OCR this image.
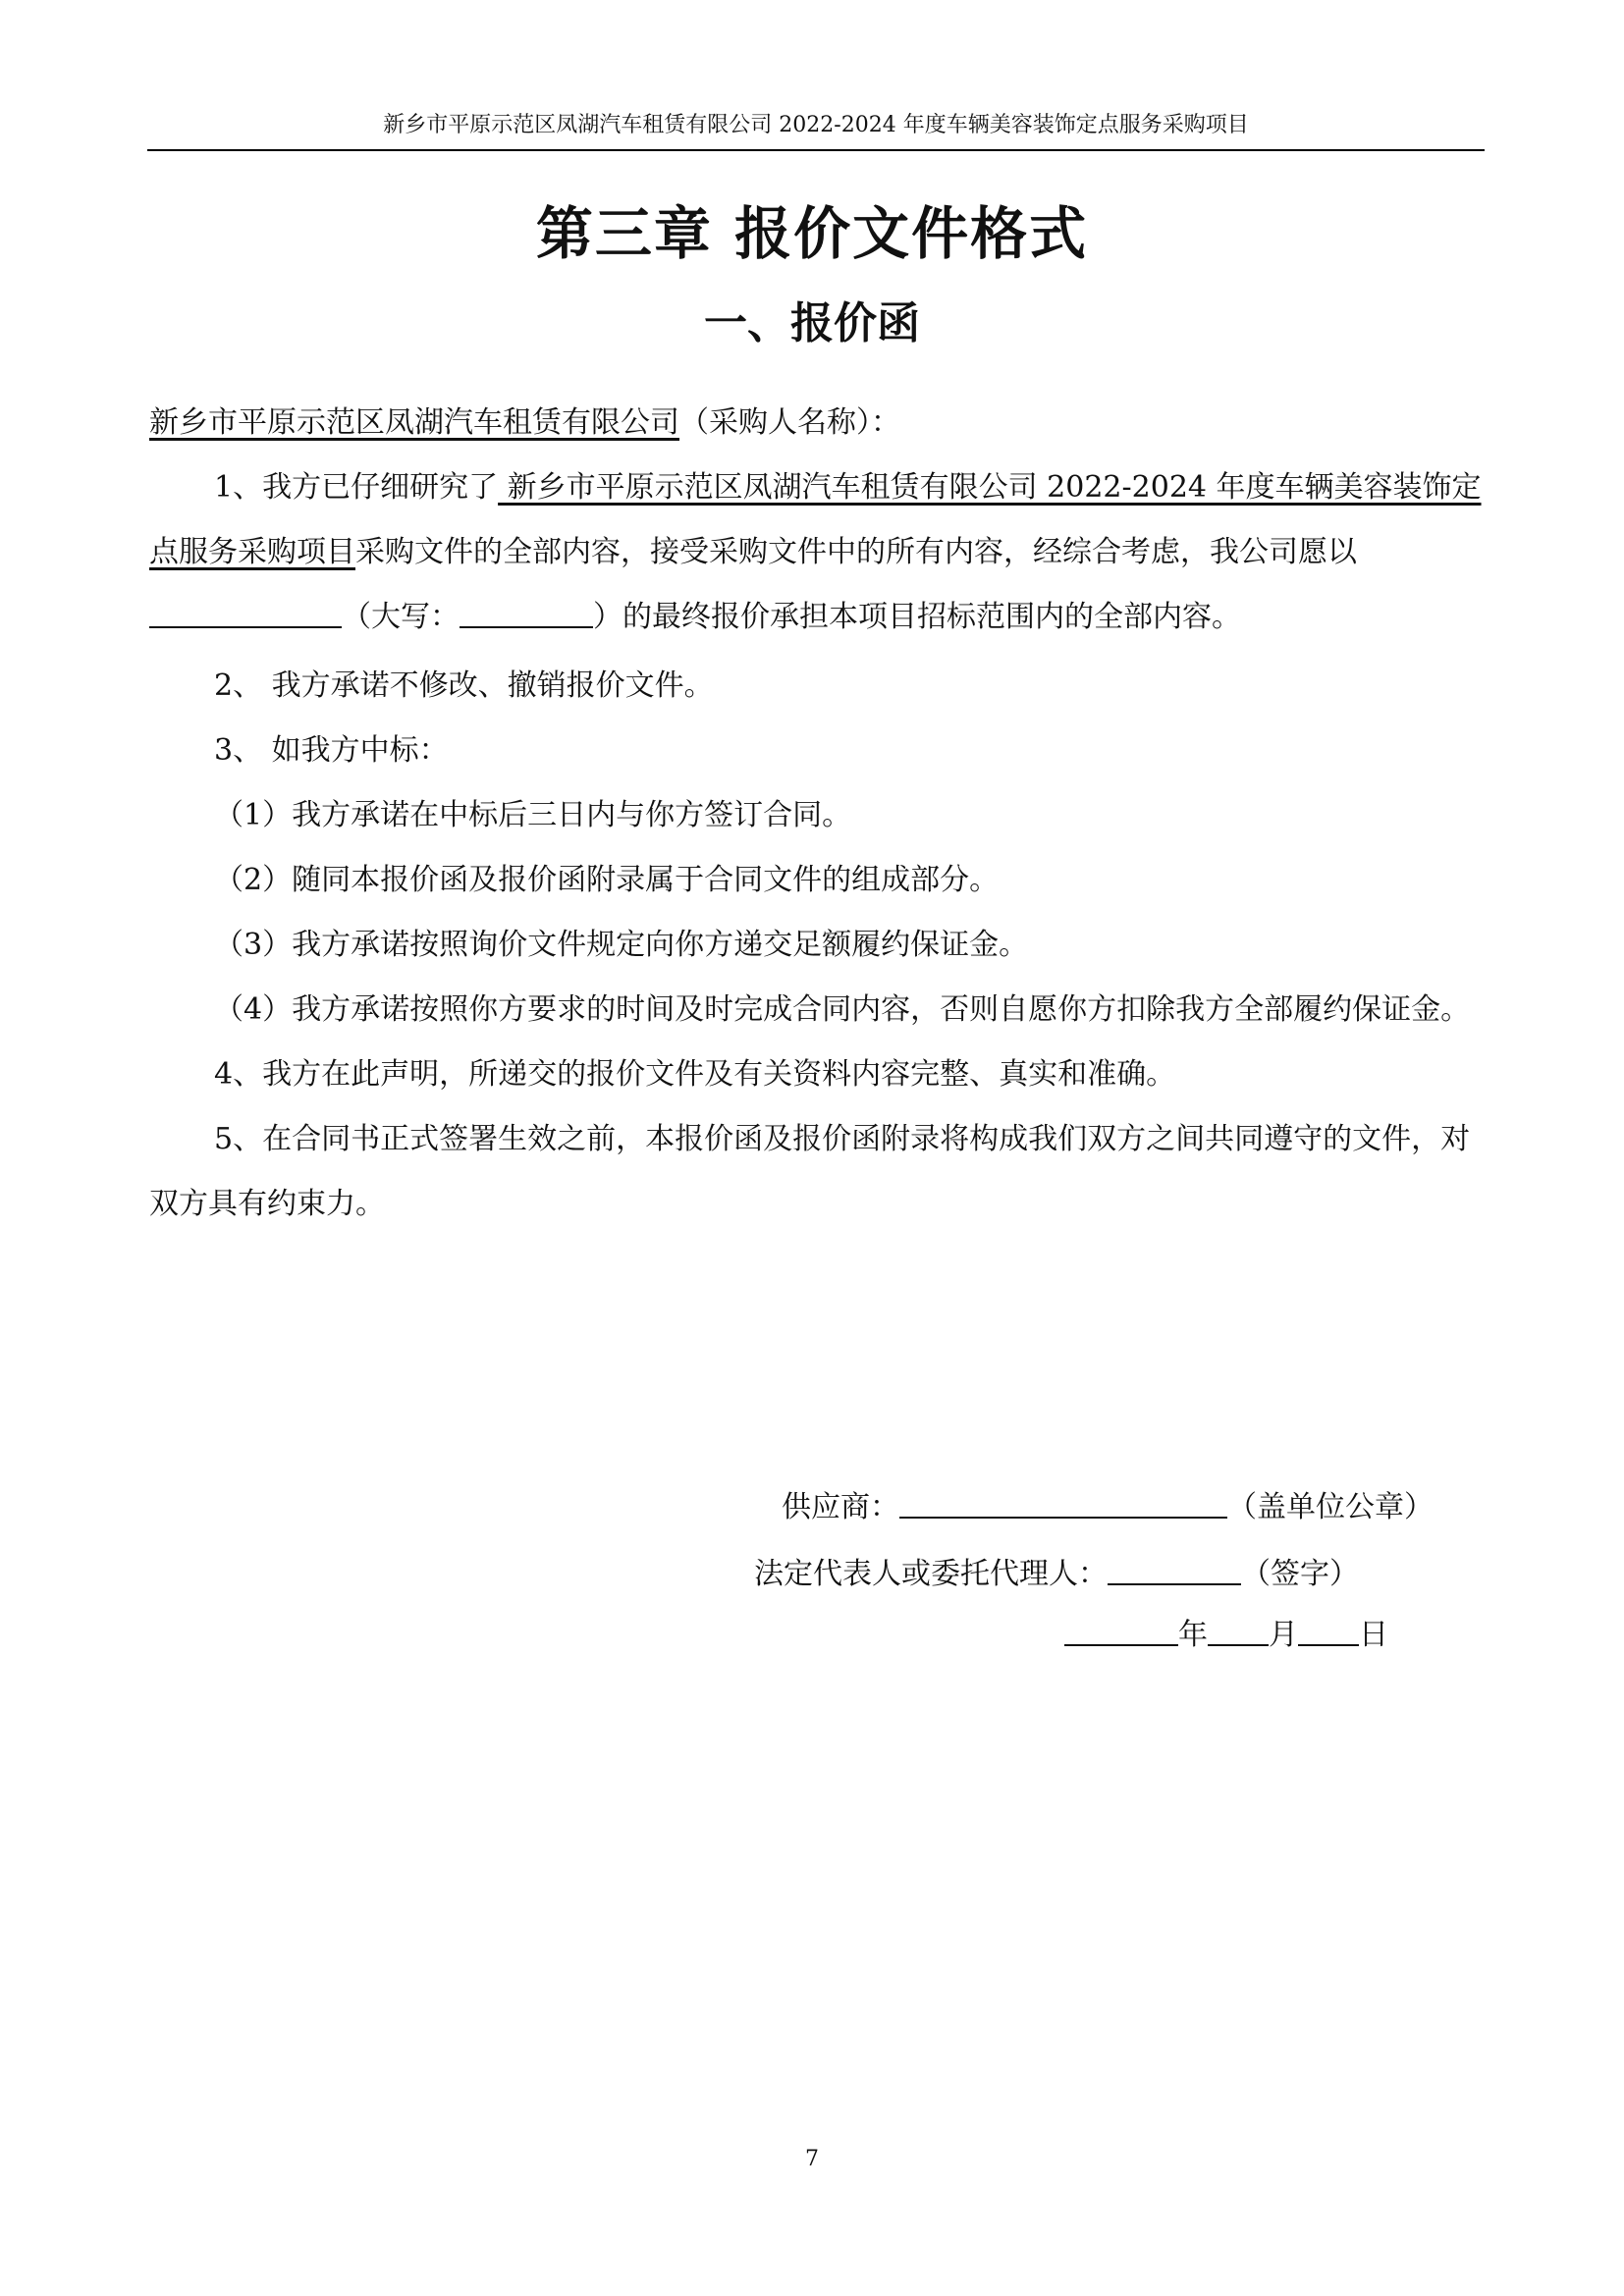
新乡市平原示范区凤湖汽车租赁有限公司 2022-2024 年度车辆美容装饰定点服务采购项目
第三章 报价文件格式
一、报价函

新乡市平原示范区凤湖汽车租赁有限公司（采购人名称）：

1、我方已仔细研究了 新乡市平原示范区凤湖汽车租赁有限公司 2022-2024 年度车辆美容装饰定点服务采购项目采购文件的全部内容，接受采购文件中的所有内容，经综合考虑，我公司愿以（大写：	）的最终报价承担本项目招标范围内的全部内容。

2、 我方承诺不修改、撤销报价文件。

3、 如我方中标：

（1）我方承诺在中标后三日内与你方签订合同。

（2）随同本报价函及报价函附录属于合同文件的组成部分。

（3）我方承诺按照询价文件规定向你方递交足额履约保证金。

（4）我方承诺按照你方要求的时间及时完成合同内容，否则自愿你方扣除我方全部履约保证金。

4、我方在此声明，所递交的报价文件及有关资料内容完整、真实和准确。

5、在合同书正式签署生效之前，本报价函及报价函附录将构成我们双方之间共同遵守的文件，对双方具有约束力。

供应商：	（盖单位公章）
法定代表人或委托代理人：	（签字）
年 月 日
7
